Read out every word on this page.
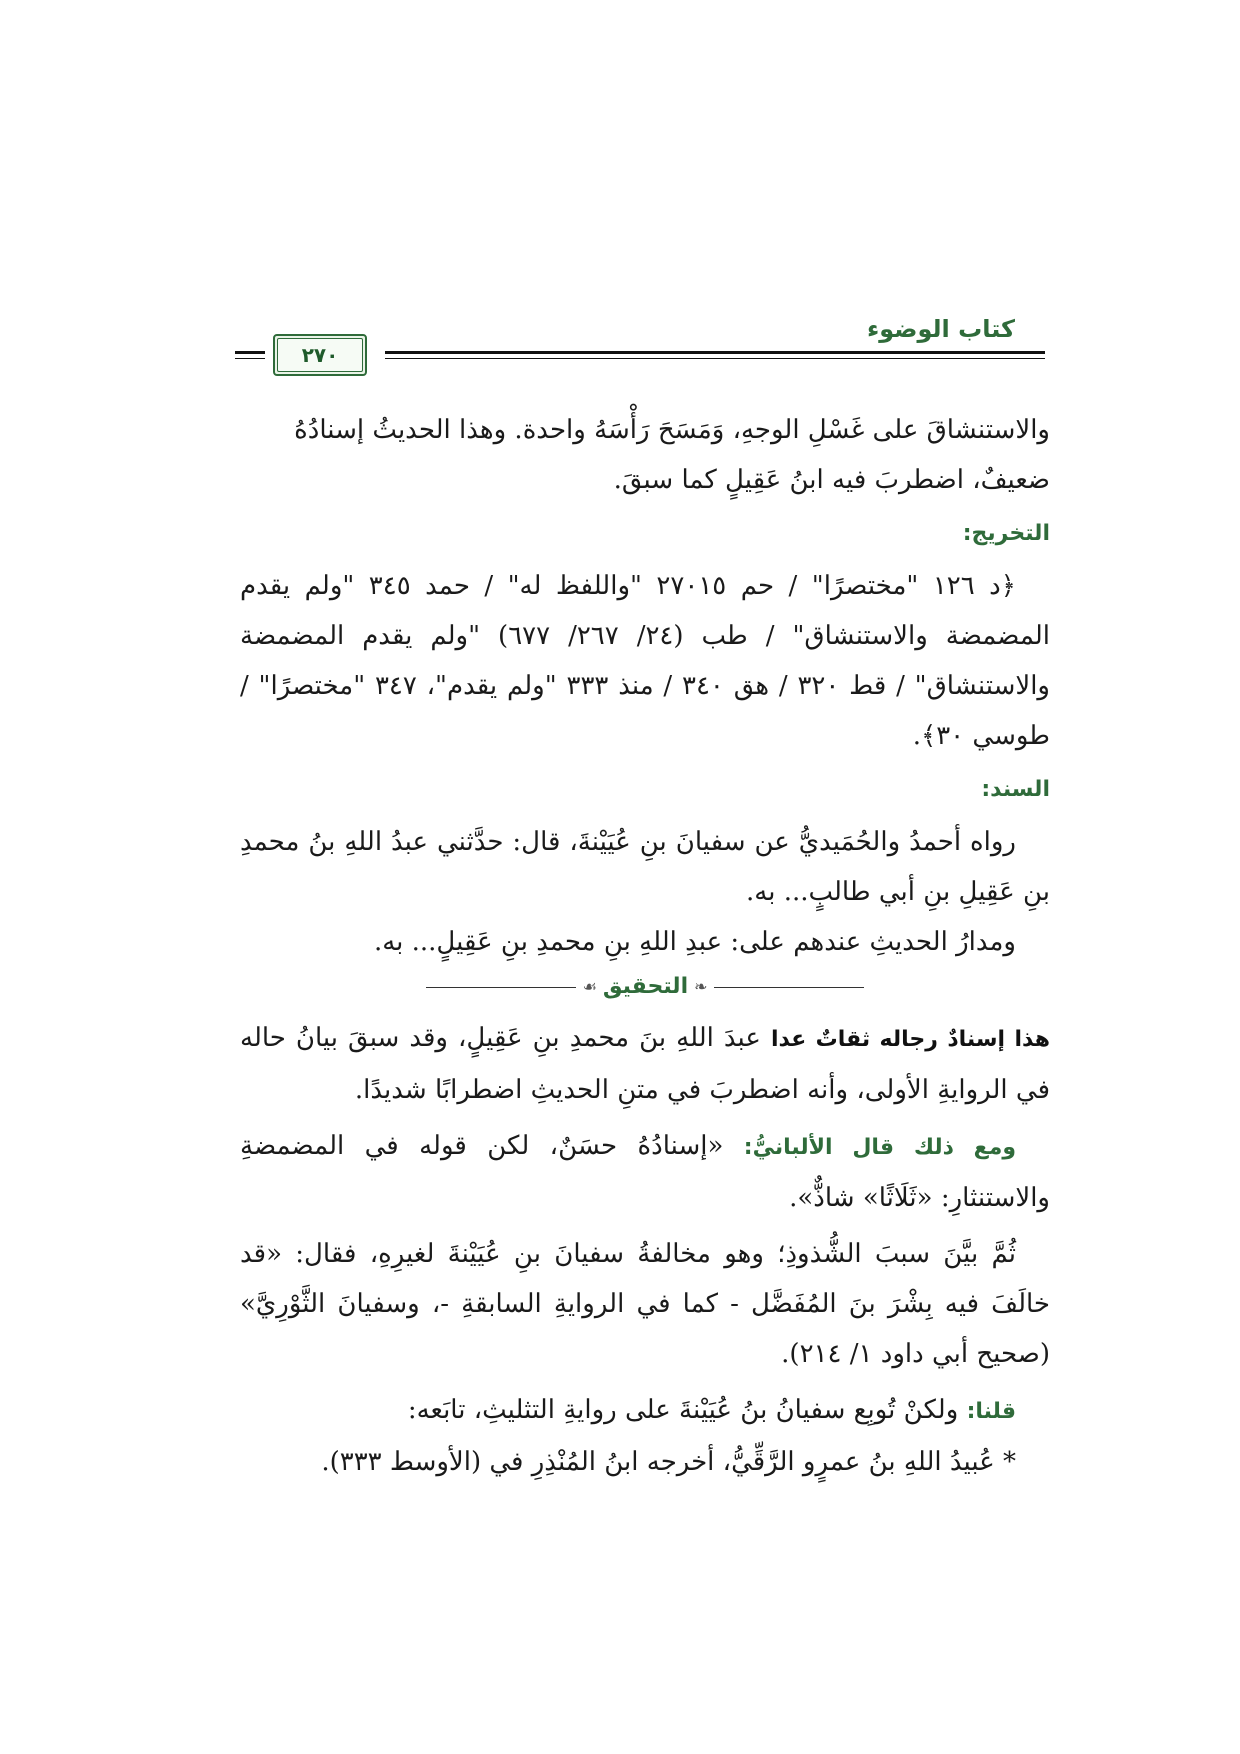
كتاب الوضوء
٢٧٠

والاستنشاقَ على غَسْلِ الوجهِ، وَمَسَحَ رَأْسَهُ واحدة. وهذا الحديثُ إسنادُهُ

ضعيفٌ، اضطربَ فيه ابنُ عَقِيلٍ كما سبقَ.

التخريج:

﴿د ١٢٦ "مختصرًا" / حم ٢٧٠١٥ "واللفظ له" / حمد ٣٤٥ "ولم يقدم المضمضة والاستنشاق" / طب (٢٤/ ٢٦٧/ ٦٧٧) "ولم يقدم المضمضة والاستنشاق" / قط ٣٢٠ / هق ٣٤٠ / منذ ٣٣٣ "ولم يقدم"، ٣٤٧ "مختصرًا" / طوسي ٣٠﴾.

السند:

رواه أحمدُ والحُمَيديُّ عن سفيانَ بنِ عُيَيْنةَ، قال: حدَّثني عبدُ اللهِ بنُ محمدِ بنِ عَقِيلِ بنِ أبي طالبٍ... به.

ومدارُ الحديثِ عندهم على: عبدِ اللهِ بنِ محمدِ بنِ عَقِيلٍ... به.

❧
التحقيق
☙

هذا إسنادٌ رجاله ثقاتٌ عدا عبدَ اللهِ بنَ محمدِ بنِ عَقِيلٍ، وقد سبقَ بيانُ حاله في الروايةِ الأولى، وأنه اضطربَ في متنِ الحديثِ اضطرابًا شديدًا.

ومع ذلك قال الألبانيُّ: «إسنادُهُ حسَنٌ، لكن قوله في المضمضةِ والاستنثارِ: «ثَلَاثًا» شاذٌّ».

ثُمَّ بيَّنَ سببَ الشُّذوذِ؛ وهو مخالفةُ سفيانَ بنِ عُيَيْنةَ لغيرِهِ، فقال: «قد خالَفَ فيه بِشْرَ بنَ المُفَضَّل - كما في الروايةِ السابقةِ -، وسفيانَ الثَّوْرِيَّ» (صحيح أبي داود ١/ ٢١٤).

قلنا: ولكنْ تُوبِع سفيانُ بنُ عُيَيْنةَ على روايةِ التثليثِ، تابَعه:

* عُبيدُ اللهِ بنُ عمرٍو الرَّقِّيُّ، أخرجه ابنُ المُنْذِرِ في (الأوسط ٣٣٣).
